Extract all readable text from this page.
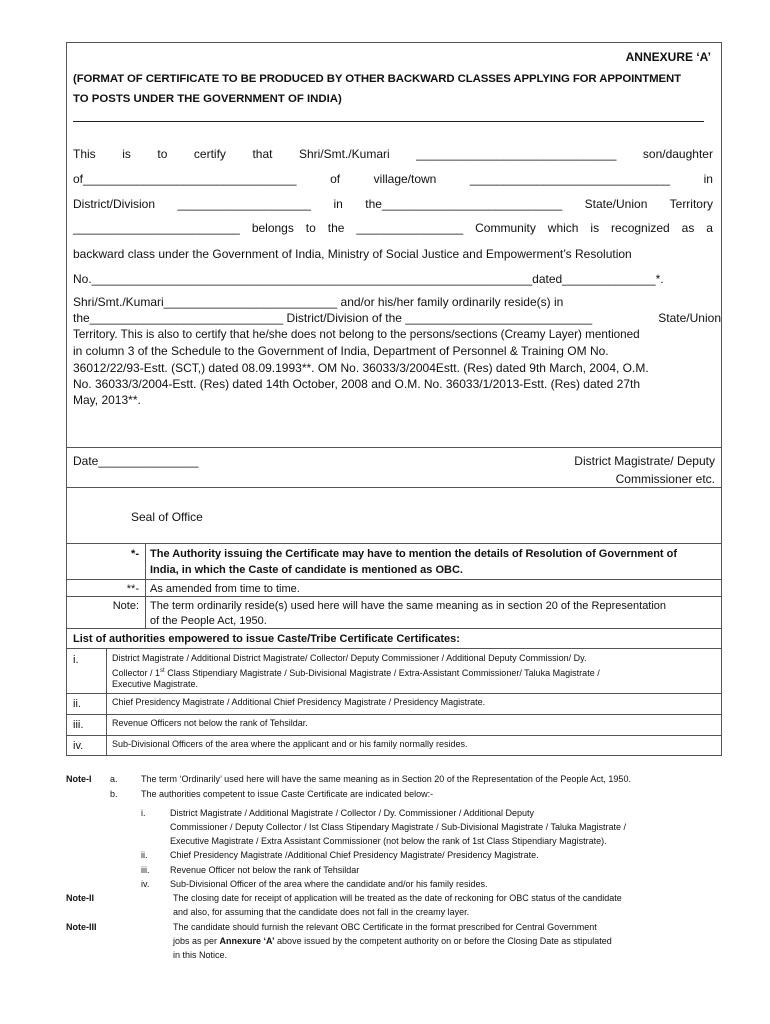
ANNEXURE ‘A’
(FORMAT OF CERTIFICATE TO BE PRODUCED BY OTHER BACKWARD CLASSES APPLYING FOR APPOINTMENT
TO POSTS UNDER THE GOVERNMENT OF INDIA)
This is to certify that Shri/Smt./Kumari ______________________________ son/daughter
of________________________________	of	village/town	______________________________	in
District/Division ____________________ in the___________________________ State/Union Territory
_________________________ belongs to the ________________ Community which is recognized as a
backward class under the Government of India, Ministry of Social Justice and Empowerment’s Resolution
No.__________________________________________________________________dated______________*.
Shri/Smt./Kumari__________________________ and/or his/her family ordinarily reside(s) in
the_____________________________ District/Division of the ____________________________	State/Union
Territory. This is also to certify that he/she does not belong to the persons/sections (Creamy Layer) mentioned
in column 3 of the Schedule to the Government of India, Department of Personnel & Training OM No.
36012/22/93-Estt. (SCT,) dated 08.09.1993**. OM No. 36033/3/2004Estt. (Res) dated 9th March, 2004, O.M.
No. 36033/3/2004-Estt. (Res) dated 14th October, 2008 and O.M. No. 36033/1/2013-Estt. (Res) dated 27th
May, 2013**.
Date_______________	District Magistrate/ Deputy
Commissioner etc.
Seal of Office
*- The Authority issuing the Certificate may have to mention the details of Resolution of Government of
India, in which the Caste of candidate is mentioned as OBC.
**- As amended from time to time.
Note: The term ordinarily reside(s) used here will have the same meaning as in section 20 of the Representation
of the People Act, 1950.
List of authorities empowered to issue Caste/Tribe Certificate Certificates:
i.	District Magistrate / Additional District Magistrate/ Collector/ Deputy Commissioner / Additional Deputy Commission/ Dy.
Collector / 1st Class Stipendiary Magistrate / Sub-Divisional Magistrate / Extra-Assistant Commissioner/ Taluka Magistrate /
Executive Magistrate.
ii.	Chief Presidency Magistrate / Additional Chief Presidency Magistrate / Presidency Magistrate.
iii.	Revenue Officers not below the rank of Tehsildar.
iv.	Sub-Divisional Officers of the area where the applicant and or his family normally resides.
Note-I a.	The term ‘Ordinarily’ used here will have the same meaning as in Section 20 of the Representation of the People Act, 1950.
b.	The authorities competent to issue Caste Certificate are indicated below:-
i.	District Magistrate / Additional Magistrate / Collector / Dy. Commissioner / Additional Deputy
Commissioner / Deputy Collector / Ist Class Stipendary Magistrate / Sub-Divisional Magistrate / Taluka Magistrate /
Executive Magistrate / Extra Assistant Commissioner (not below the rank of 1st Class Stipendiary Magistrate).
ii.	Chief Presidency Magistrate /Additional Chief Presidency Magistrate/ Presidency Magistrate.
iii. Revenue Officer not below the rank of Tehsildar
iv. Sub-Divisional Officer of the area where the candidate and/or his family resides.
Note-II	The closing date for receipt of application will be treated as the date of reckoning for OBC status of the candidate
and also, for assuming that the candidate does not fall in the creamy layer.
Note-III	The candidate should furnish the relevant OBC Certificate in the format prescribed for Central Government
jobs as per Annexure ‘A’ above issued by the competent authority on or before the Closing Date as stipulated
in this Notice.
